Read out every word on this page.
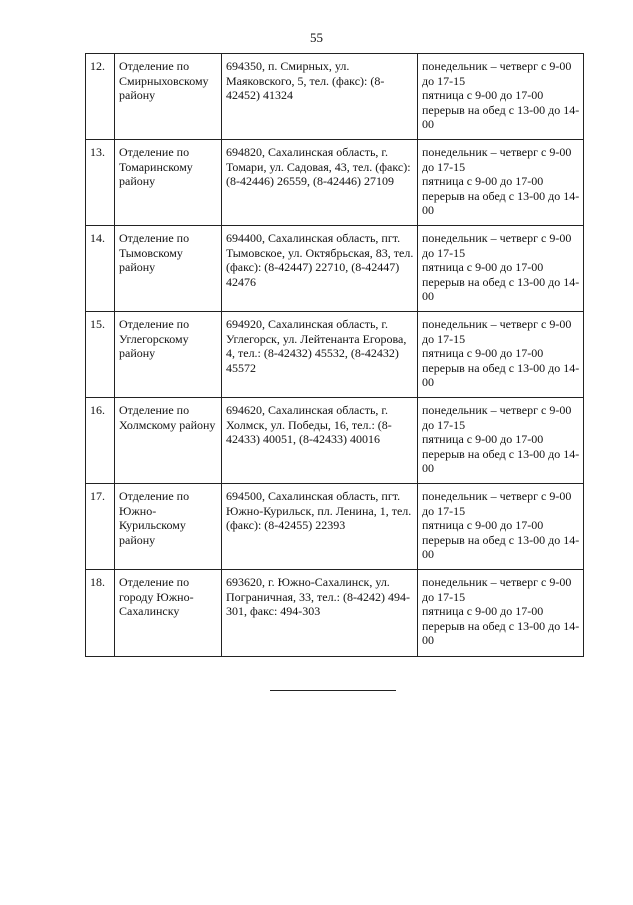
55
12.	Отделение по Смирныховскому району	694350, п. Смирных, ул. Маяковского, 5, тел. (факс): (8-42452) 41324	понедельник – четверг с 9-00 до 17-15
пятница с 9-00 до 17-00
перерыв на обед с 13-00 до 14-00

13.	Отделение по Томаринскому району	694820, Сахалинская область, г. Томари, ул. Садовая, 43, тел. (факс): (8-42446) 26559, (8-42446) 27109	понедельник – четверг с 9-00 до 17-15
пятница с 9-00 до 17-00
перерыв на обед с 13-00 до 14-00

14.	Отделение по Тымовскому району	694400, Сахалинская область, пгт. Тымовское, ул. Октябрьская, 83, тел. (факс): (8-42447) 22710, (8-42447) 42476	понедельник – четверг с 9-00 до 17-15
пятница с 9-00 до 17-00
перерыв на обед с 13-00 до 14-00

15.	Отделение по Углегорскому району	694920, Сахалинская область, г. Углегорск, ул. Лейтенанта Егорова, 4, тел.: (8-42432) 45532, (8-42432) 45572	понедельник – четверг с 9-00 до 17-15
пятница с 9-00 до 17-00
перерыв на обед с 13-00 до 14-00

16.	Отделение по Холмскому району	694620, Сахалинская область, г. Холмск, ул. Победы, 16, тел.: (8-42433) 40051, (8-42433) 40016	понедельник – четверг с 9-00 до 17-15
пятница с 9-00 до 17-00
перерыв на обед с 13-00 до 14-00

17.	Отделение по Южно-Курильскому району	694500, Сахалинская область, пгт. Южно-Курильск, пл. Ленина, 1, тел. (факс): (8-42455) 22393	понедельник – четверг с 9-00 до 17-15
пятница с 9-00 до 17-00
перерыв на обед с 13-00 до 14-00

18.	Отделение по городу Южно-Сахалинску	693620, г. Южно-Сахалинск, ул. Пограничная, 33, тел.: (8-4242) 494-301, факс: 494-303	понедельник – четверг с 9-00 до 17-15
пятница с 9-00 до 17-00
перерыв на обед с 13-00 до 14-00
